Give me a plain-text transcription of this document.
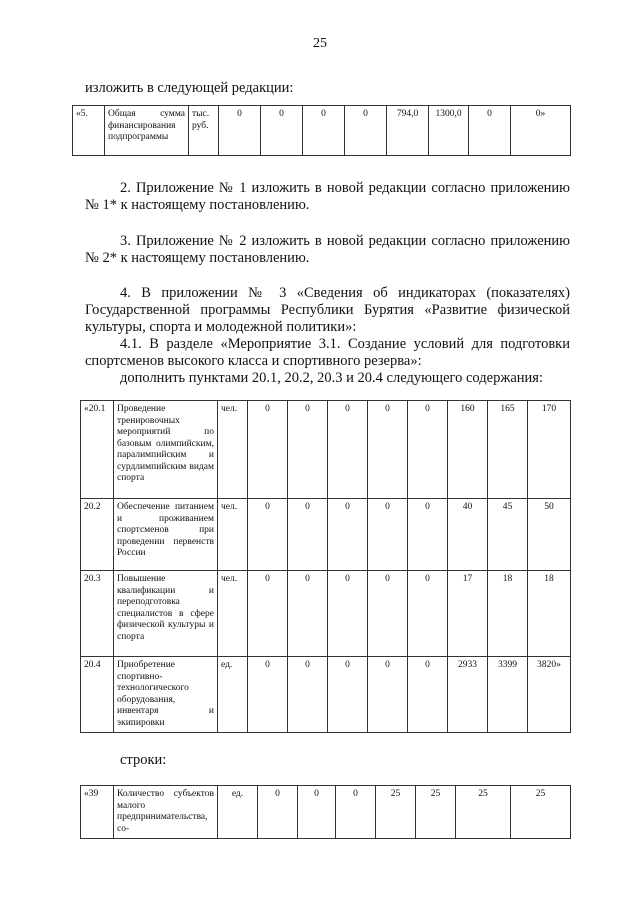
25
изложить в следующей редакции:
«5.	Общая сумма финансирования подпрограммы	тыс. руб.	0	0	0	0	794,0	1300,0	0	0»
2. Приложение № 1 изложить в новой редакции согласно приложению № 1* к настоящему постановлению.
3. Приложение № 2 изложить в новой редакции согласно приложению № 2* к настоящему постановлению.
4. В приложении № 3 «Сведения об индикаторах (показателях) Государственной программы Республики Бурятия «Развитие физической культуры, спорта и молодежной политики»:
4.1. В разделе «Мероприятие 3.1. Создание условий для подготовки спортсменов высокого класса и спортивного резерва»:
дополнить пунктами 20.1, 20.2, 20.3 и 20.4 следующего содержания:
«20.1	Проведение тренировочных мероприятий по базовым олимпийским, паралимпийским и сурдлимпийским видам спорта	чел.	0	0	0	0	0	160	165	170
20.2	Обеспечение питанием и проживанием спортсменов при проведении первенств России	чел.	0	0	0	0	0	40	45	50
20.3	Повышение квалификации и переподготовка специалистов в сфере физической культуры и спорта	чел.	0	0	0	0	0	17	18	18
20.4	Приобретение спортивно-технологического оборудования, инвентаря и экипировки	ед.	0	0	0	0	0	2933	3399	3820»
строки:
«39	Количество субъектов малого предпринимательства, со-	ед.	0	0	0	25	25	25	25
